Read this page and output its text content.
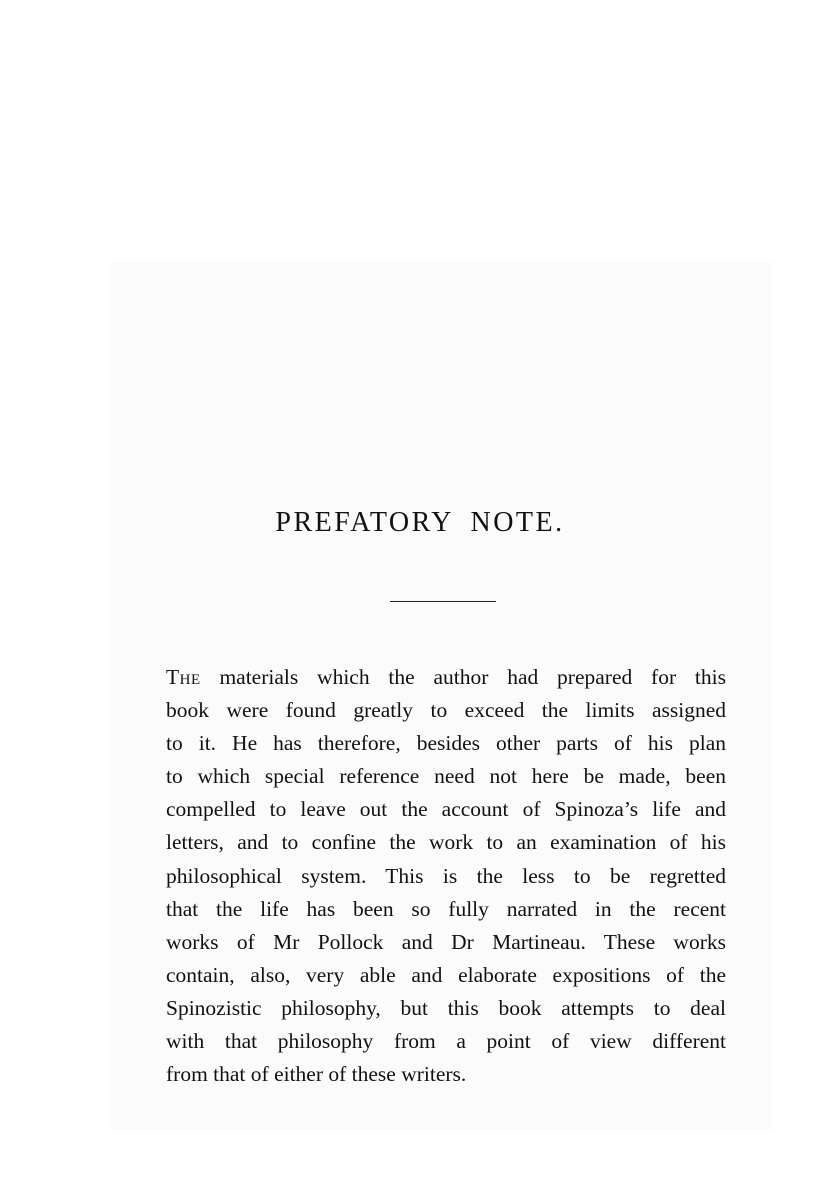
PREFATORY NOTE.
The materials which the author had prepared for this
book were found greatly to exceed the limits assigned
to it. He has therefore, besides other parts of his plan
to which special reference need not here be made, been
compelled to leave out the account of Spinoza’s life and
letters, and to confine the work to an examination of his
philosophical system. This is the less to be regretted
that the life has been so fully narrated in the recent
works of Mr Pollock and Dr Martineau. These works
contain, also, very able and elaborate expositions of the
Spinozistic philosophy, but this book attempts to deal
with that philosophy from a point of view different
from that of either of these writers.
